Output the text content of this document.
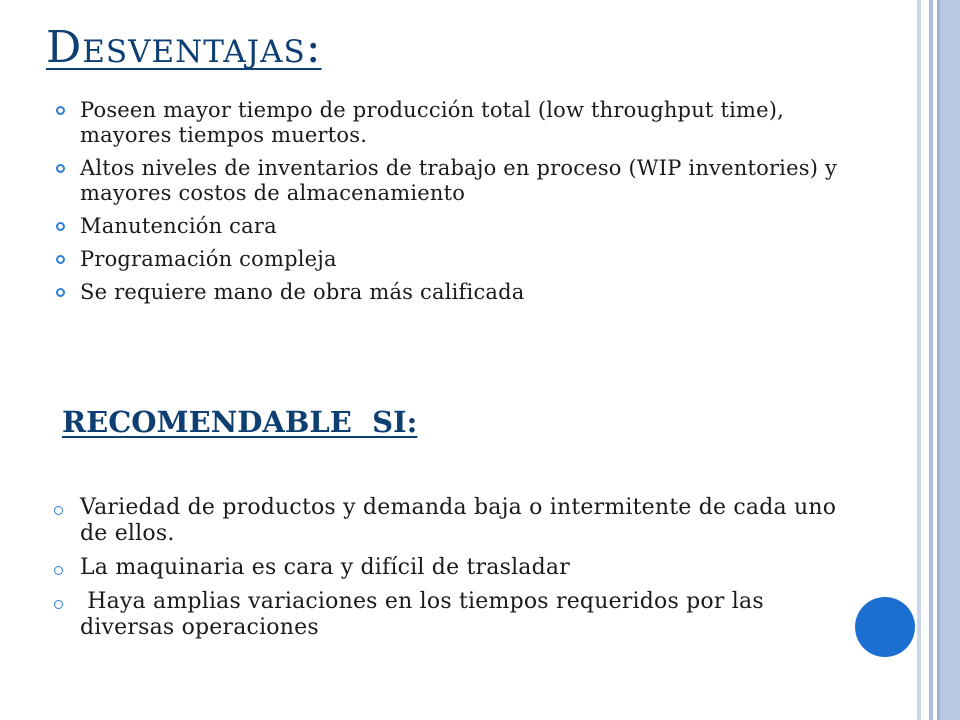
Desventajas:
Poseen mayor tiempo de producción total (low throughput time), mayores tiempos muertos.
Altos niveles de inventarios de trabajo en proceso (WIP inventories) y mayores costos de almacenamiento
Manutención cara
Programación compleja
Se requiere mano de obra más calificada
RECOMENDABLE  SI:
Variedad de productos y demanda baja o intermitente de cada uno de ellos.
La maquinaria es cara y difícil de trasladar
Haya amplias variaciones en los tiempos requeridos por las diversas operaciones
